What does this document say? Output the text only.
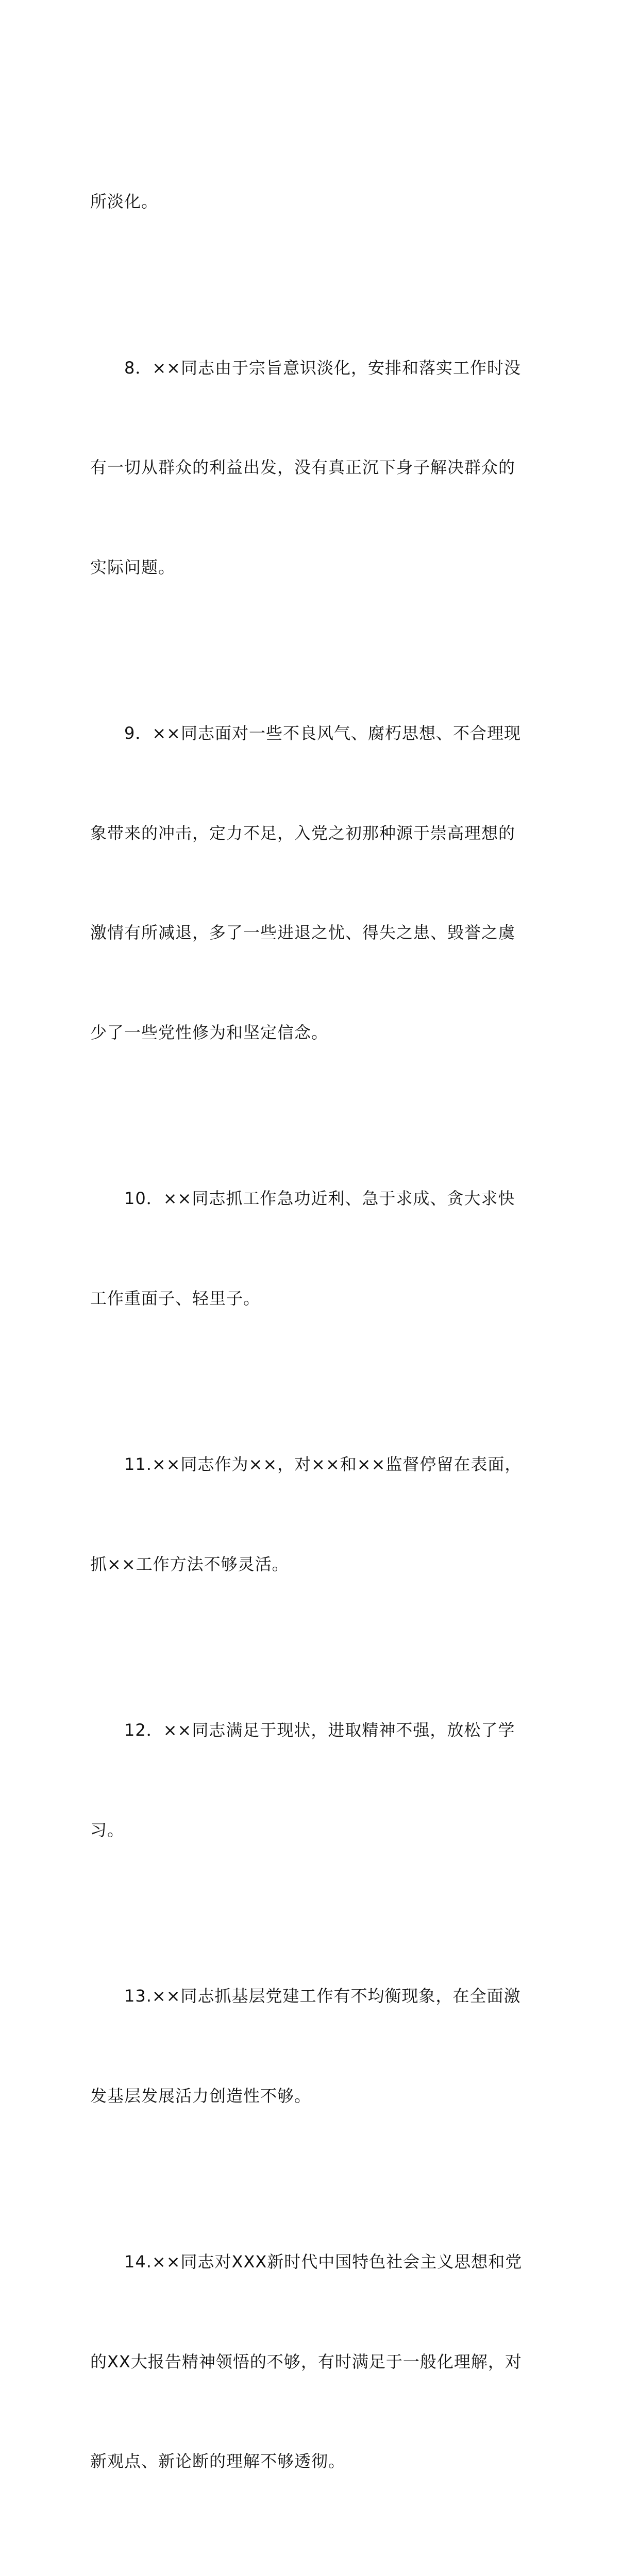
所淡化。

8．××同志由于宗旨意识淡化，安排和落实工作时没

有一切从群众的利益出发，没有真正沉下身子解决群众的

实际问题。

9．××同志面对一些不良风气、腐朽思想、不合理现

象带来的冲击，定力不足，入党之初那种源于崇高理想的

激情有所减退，多了一些进退之忧、得失之患、毁誉之虞

少了一些党性修为和坚定信念。

10．××同志抓工作急功近利、急于求成、贪大求快

工作重面子、轻里子。

11.××同志作为××，对××和××监督停留在表面，

抓××工作方法不够灵活。

12．××同志满足于现状，进取精神不强，放松了学

习。

13.××同志抓基层党建工作有不均衡现象，在全面激

发基层发展活力创造性不够。

14.××同志对XXX新时代中国特色社会主义思想和党

的XX大报告精神领悟的不够，有时满足于一般化理解，对

新观点、新论断的理解不够透彻。
